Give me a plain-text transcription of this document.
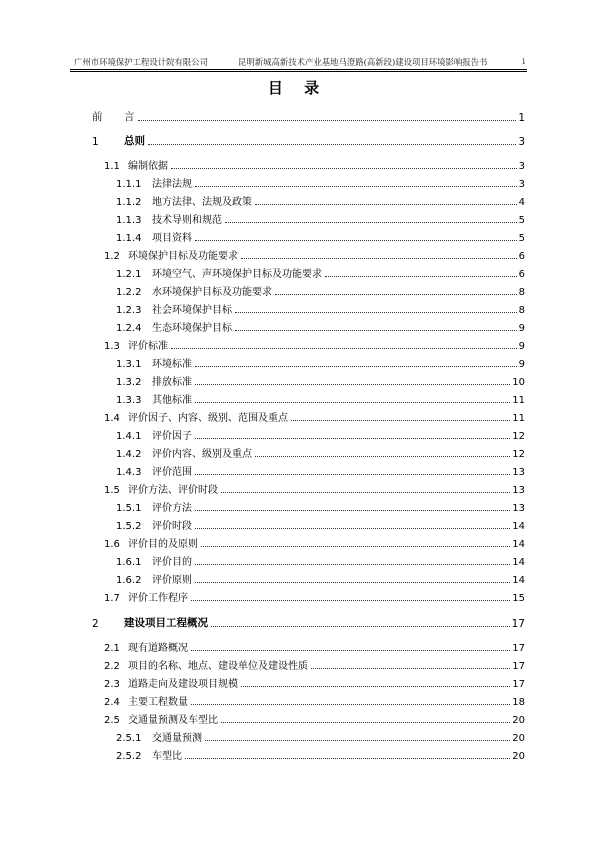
广州市环境保护工程设计院有限公司	昆明新城高新技术产业基地马澄路(高新段)建设项目环境影响报告书	i
目 录
前	言	1
1	总则	3
1.1 编制依据	3
1.1.1	法律法规	3
1.1.2	地方法律、法规及政策	4
1.1.3	技术导则和规范	5
1.1.4	项目资料	5
1.2 环境保护目标及功能要求	6
1.2.1	环境空气、声环境保护目标及功能要求	6
1.2.2	水环境保护目标及功能要求	8
1.2.3	社会环境保护目标	8
1.2.4	生态环境保护目标	9
1.3 评价标准	9
1.3.1	环境标准	9
1.3.2	排放标准	10
1.3.3	其他标准	11
1.4 评价因子、内容、级别、范围及重点	11
1.4.1	评价因子	12
1.4.2	评价内容、级别及重点	12
1.4.3	评价范围	13
1.5 评价方法、评价时段	13
1.5.1	评价方法	13
1.5.2	评价时段	14
1.6 评价目的及原则	14
1.6.1	评价目的	14
1.6.2	评价原则	14
1.7 评价工作程序	15
2	建设项目工程概况	17
2.1 现有道路概况	17
2.2 项目的名称、地点、建设单位及建设性质	17
2.3 道路走向及建设项目规模	17
2.4 主要工程数量	18
2.5 交通量预测及车型比	20
2.5.1	交通量预测	20
2.5.2	车型比	20
